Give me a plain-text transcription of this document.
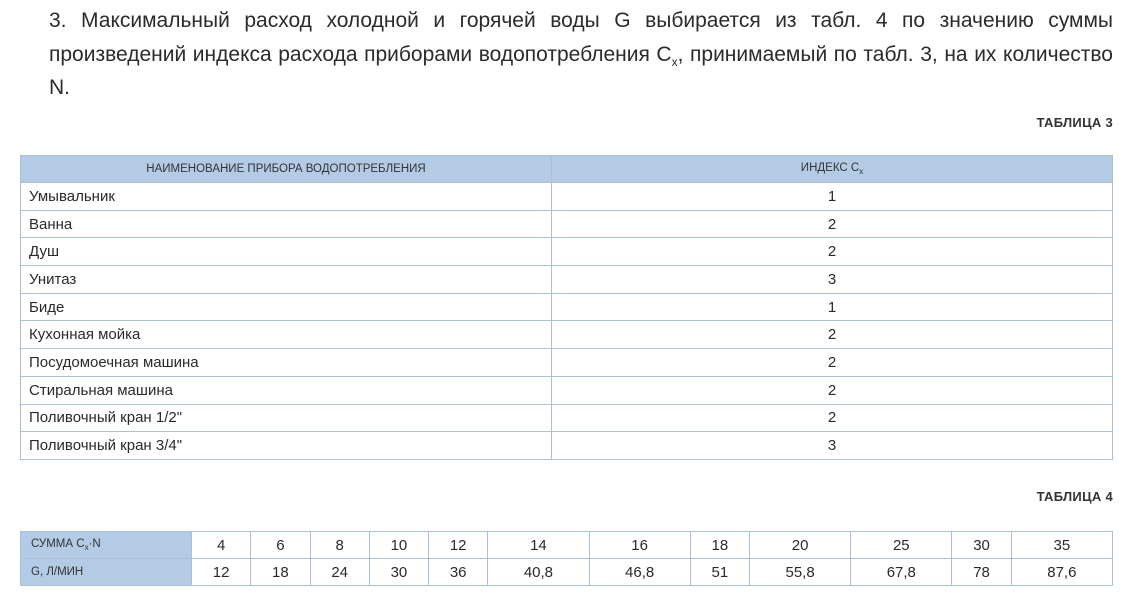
3. Максимальный расход холодной и горячей воды G выбирается из табл. 4 по значению суммы произведений индекса расхода приборами водопотребления $С_х$, принимаемый по табл. 3, на их количество N.
ТАБЛИЦА 3
НАИМЕНОВАНИЕ ПРИБОРА ВОДОПОТРЕБЛЕНИЯ	ИНДЕКС $С_х$
Умывальник	1
Ванна	2
Душ	2
Унитаз	3
Биде	1
Кухонная мойка	2
Посудомоечная машина	2
Стиральная машина	2
Поливочный кран 1/2"	2
Поливочный кран 3/4"	3
ТАБЛИЦА 4
СУММА $С_х\cdot N$	4	6	8	10	12	14	16	18	20	25	30	35
G, Л/МИН	12	18	24	30	36	40,8	46,8	51	55,8	67,8	78	87,6
